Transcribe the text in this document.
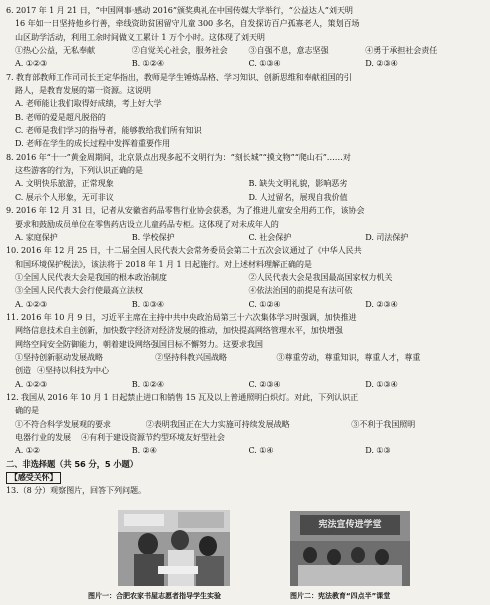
6. 2017 年 1 月 21 日，“中国网事·感动 2016”颁奖典礼在中国传媒大学举行，“公益达人”刘天明
16 年如一日坚持他乡行善，牵线资助贫困留守儿童 300 多名，自发探访百户孤寡老人，策划百场
山区助学活动，利用工余时间做义工累计 1 万个小时。这体现了刘天明
①热心公益，无私奉献	②自觉关心社会，服务社会	③自强不息，意志坚强	④勇于承担社会责任
A. ①②③	B. ①②④	C. ①③④	D. ②③④
7. 教育部教师工作司司长王定华指出，教师是学生锤炼品格、学习知识、创新思维和奉献祖国的引
路人，是教育发展的第一资源。这说明
A. 老师能让我们取得好成绩，考上好大学
B. 老师的爱是超凡脱俗的
C. 老师是我们学习的指导者，能够教给我们所有知识
D. 老师在学生的成长过程中发挥着重要作用
8. 2016 年“十一”黄金周期间，北京景点出现多起不文明行为：“刻长城”“摸文物”“爬山石”……对
这些游客的行为，下列认识正确的是
A. 文明快乐旅游，正常现象	B. 缺失文明礼貌，影响恶劣
C. 展示个人形象，无可非议	D. 人过留名，展现自我价值
9. 2016 年 12 月 31 日，记者从安徽省药品零售行业协会获悉，为了推进儿童安全用药工作，该协会
要求和鼓励成员单位在零售药店设立儿童药品专柜。这体现了对未成年人的
A. 家庭保护	B. 学校保护	C. 社会保护	D. 司法保护
10. 2016 年 12 月 25 日，十二届全国人民代表大会常务委员会第二十五次会议通过了《中华人民共
和国环境保护税法》，该法将于 2018 年 1 月 1 日起施行。对上述材料理解正确的是
①全国人民代表大会是我国的根本政治制度	②人民代表大会是我国最高国家权力机关
③全国人民代表大会行使最高立法权	④依法治国的前提是有法可依
A. ①②③	B. ①③④	C. ①②④	D. ②③④
11. 2016 年 10 月 9 日，习近平主席在主持中共中央政治局第三十六次集体学习时强调，加快推进
网络信息技术自主创新，加快数字经济对经济发展的推动，加快提高网络管理水平，加快增强
网络空间安全防御能力，朝着建设网络强国目标不懈努力。这要求我国
①坚持创新驱动发展战略	②坚持科教兴国战略	③尊重劳动，尊重知识，尊重人才，尊重
创造 ④坚持以科技为中心
A. ①②③	B. ①②④	C. ②③④	D. ①③④
12. 我国从 2016 年 10 月 1 日起禁止进口和销售 15 瓦及以上普通照明白炽灯。对此，下列认识正
确的是
①不符合科学发展观的要求	②表明我国正在大力实施可持续发展战略	③不利于我国照明
电器行业的发展 ④有利于建设资源节约型环境友好型社会
A. ①②	B. ②④	C. ①④	D. ①③
二、非选择题（共 56 分，5 小题）
【感受关怀】
13.（8 分）观察图片，回答下列问题。
图片一：合肥农家书屋志愿者指导学生实验
宪法宣传进学堂
图片二：宪法教育“四点半”课堂
